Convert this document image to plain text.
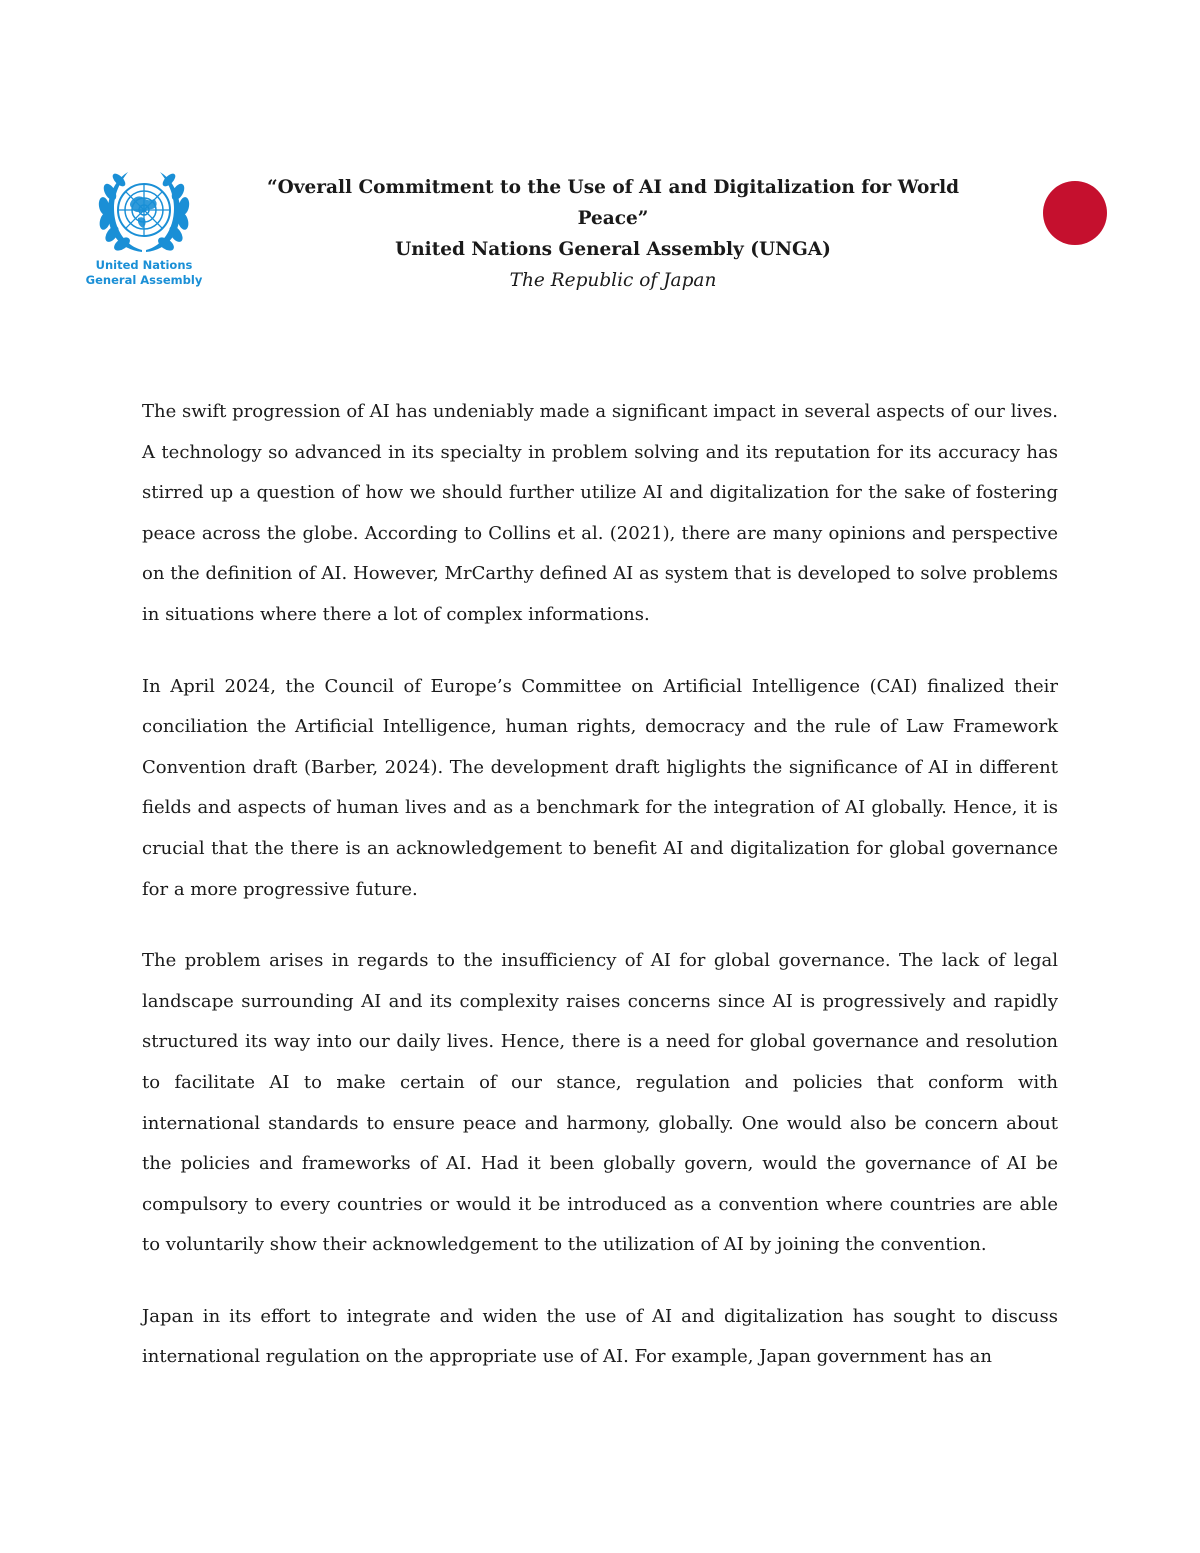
United Nations
General Assembly
“Overall Commitment to the Use of AI and Digitalization for World Peace”
United Nations General Assembly (UNGA)
The Republic of Japan

The swift progression of AI has undeniably made a significant impact in several aspects of our lives. A technology so advanced in its specialty in problem solving and its reputation for its accuracy has stirred up a question of how we should further utilize AI and digitalization for the sake of fostering peace across the globe. According to Collins et al. (2021), there are many opinions and perspective on the definition of AI. However, MrCarthy defined AI as system that is developed to solve problems in situations where there a lot of complex informations.

In April 2024, the Council of Europe’s Committee on Artificial Intelligence (CAI) finalized their conciliation the Artificial Intelligence, human rights, democracy and the rule of Law Framework Convention draft (Barber, 2024). The development draft higlights the significance of AI in different fields and aspects of human lives and as a benchmark for the integration of AI globally. Hence, it is crucial that the there is an acknowledgement to benefit AI and digitalization for global governance for a more progressive future.

The problem arises in regards to the insufficiency of AI for global governance. The lack of legal landscape surrounding AI and its complexity raises concerns since AI is progressively and rapidly structured its way into our daily lives. Hence, there is a need for global governance and resolution to facilitate AI to make certain of our stance, regulation and policies that conform with international standards to ensure peace and harmony, globally. One would also be concern about the policies and frameworks of AI. Had it been globally govern, would the governance of AI be compulsory to every countries or would it be introduced as a convention where countries are able to voluntarily show their acknowledgement to the utilization of AI by joining the convention.

Japan in its effort to integrate and widen the use of AI and digitalization has sought to discuss international regulation on the appropriate use of AI. For example, Japan government has an
